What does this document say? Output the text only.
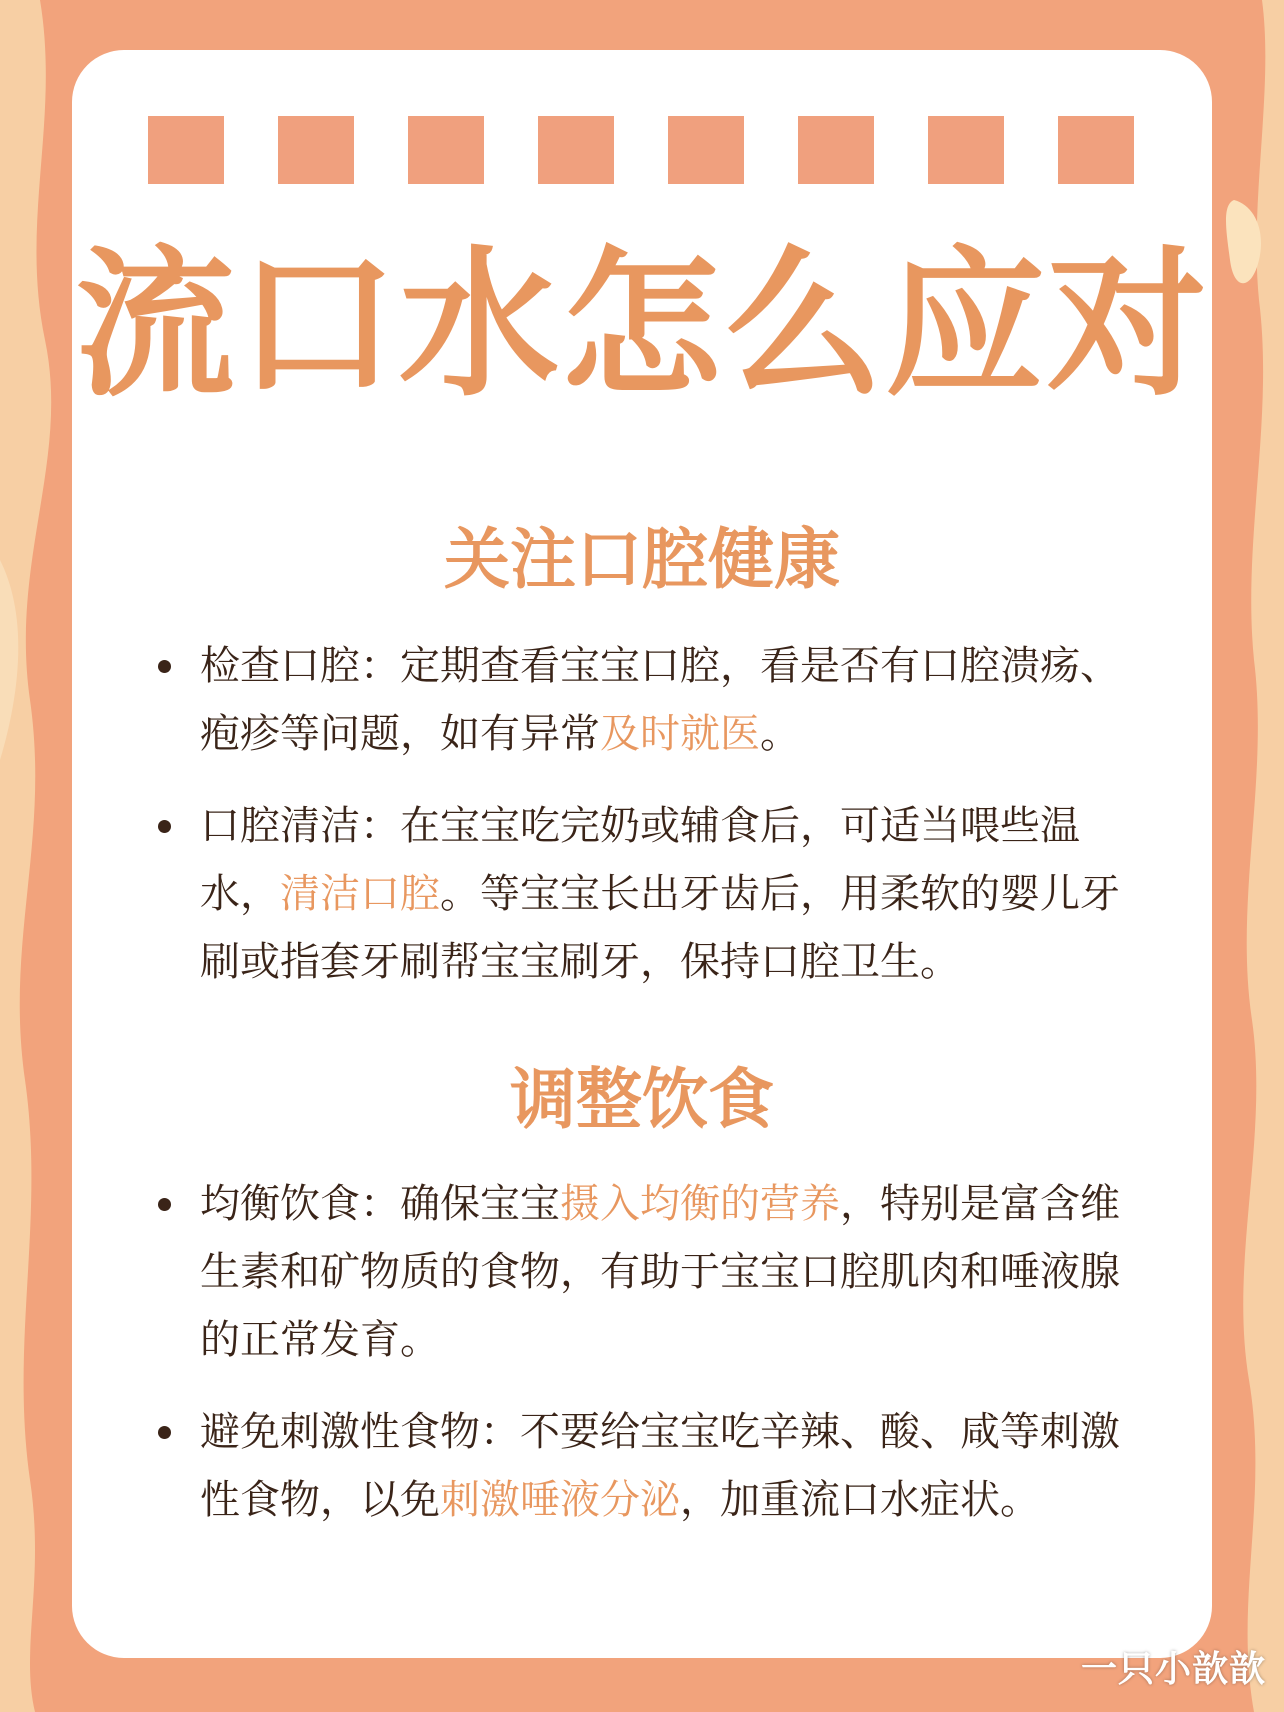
流口水怎么应对
关注口腔健康
检查口腔：定期查看宝宝口腔，看是否有口腔溃疡、疱疹等问题，如有异常及时就医。
口腔清洁：在宝宝吃完奶或辅食后，可适当喂些温水，清洁口腔。等宝宝长出牙齿后，用柔软的婴儿牙刷或指套牙刷帮宝宝刷牙，保持口腔卫生。
调整饮食
均衡饮食：确保宝宝摄入均衡的营养，特别是富含维生素和矿物质的食物，有助于宝宝口腔肌肉和唾液腺的正常发育。
避免刺激性食物：不要给宝宝吃辛辣、酸、咸等刺激性食物，以免刺激唾液分泌，加重流口水症状。
一只小歆歆
